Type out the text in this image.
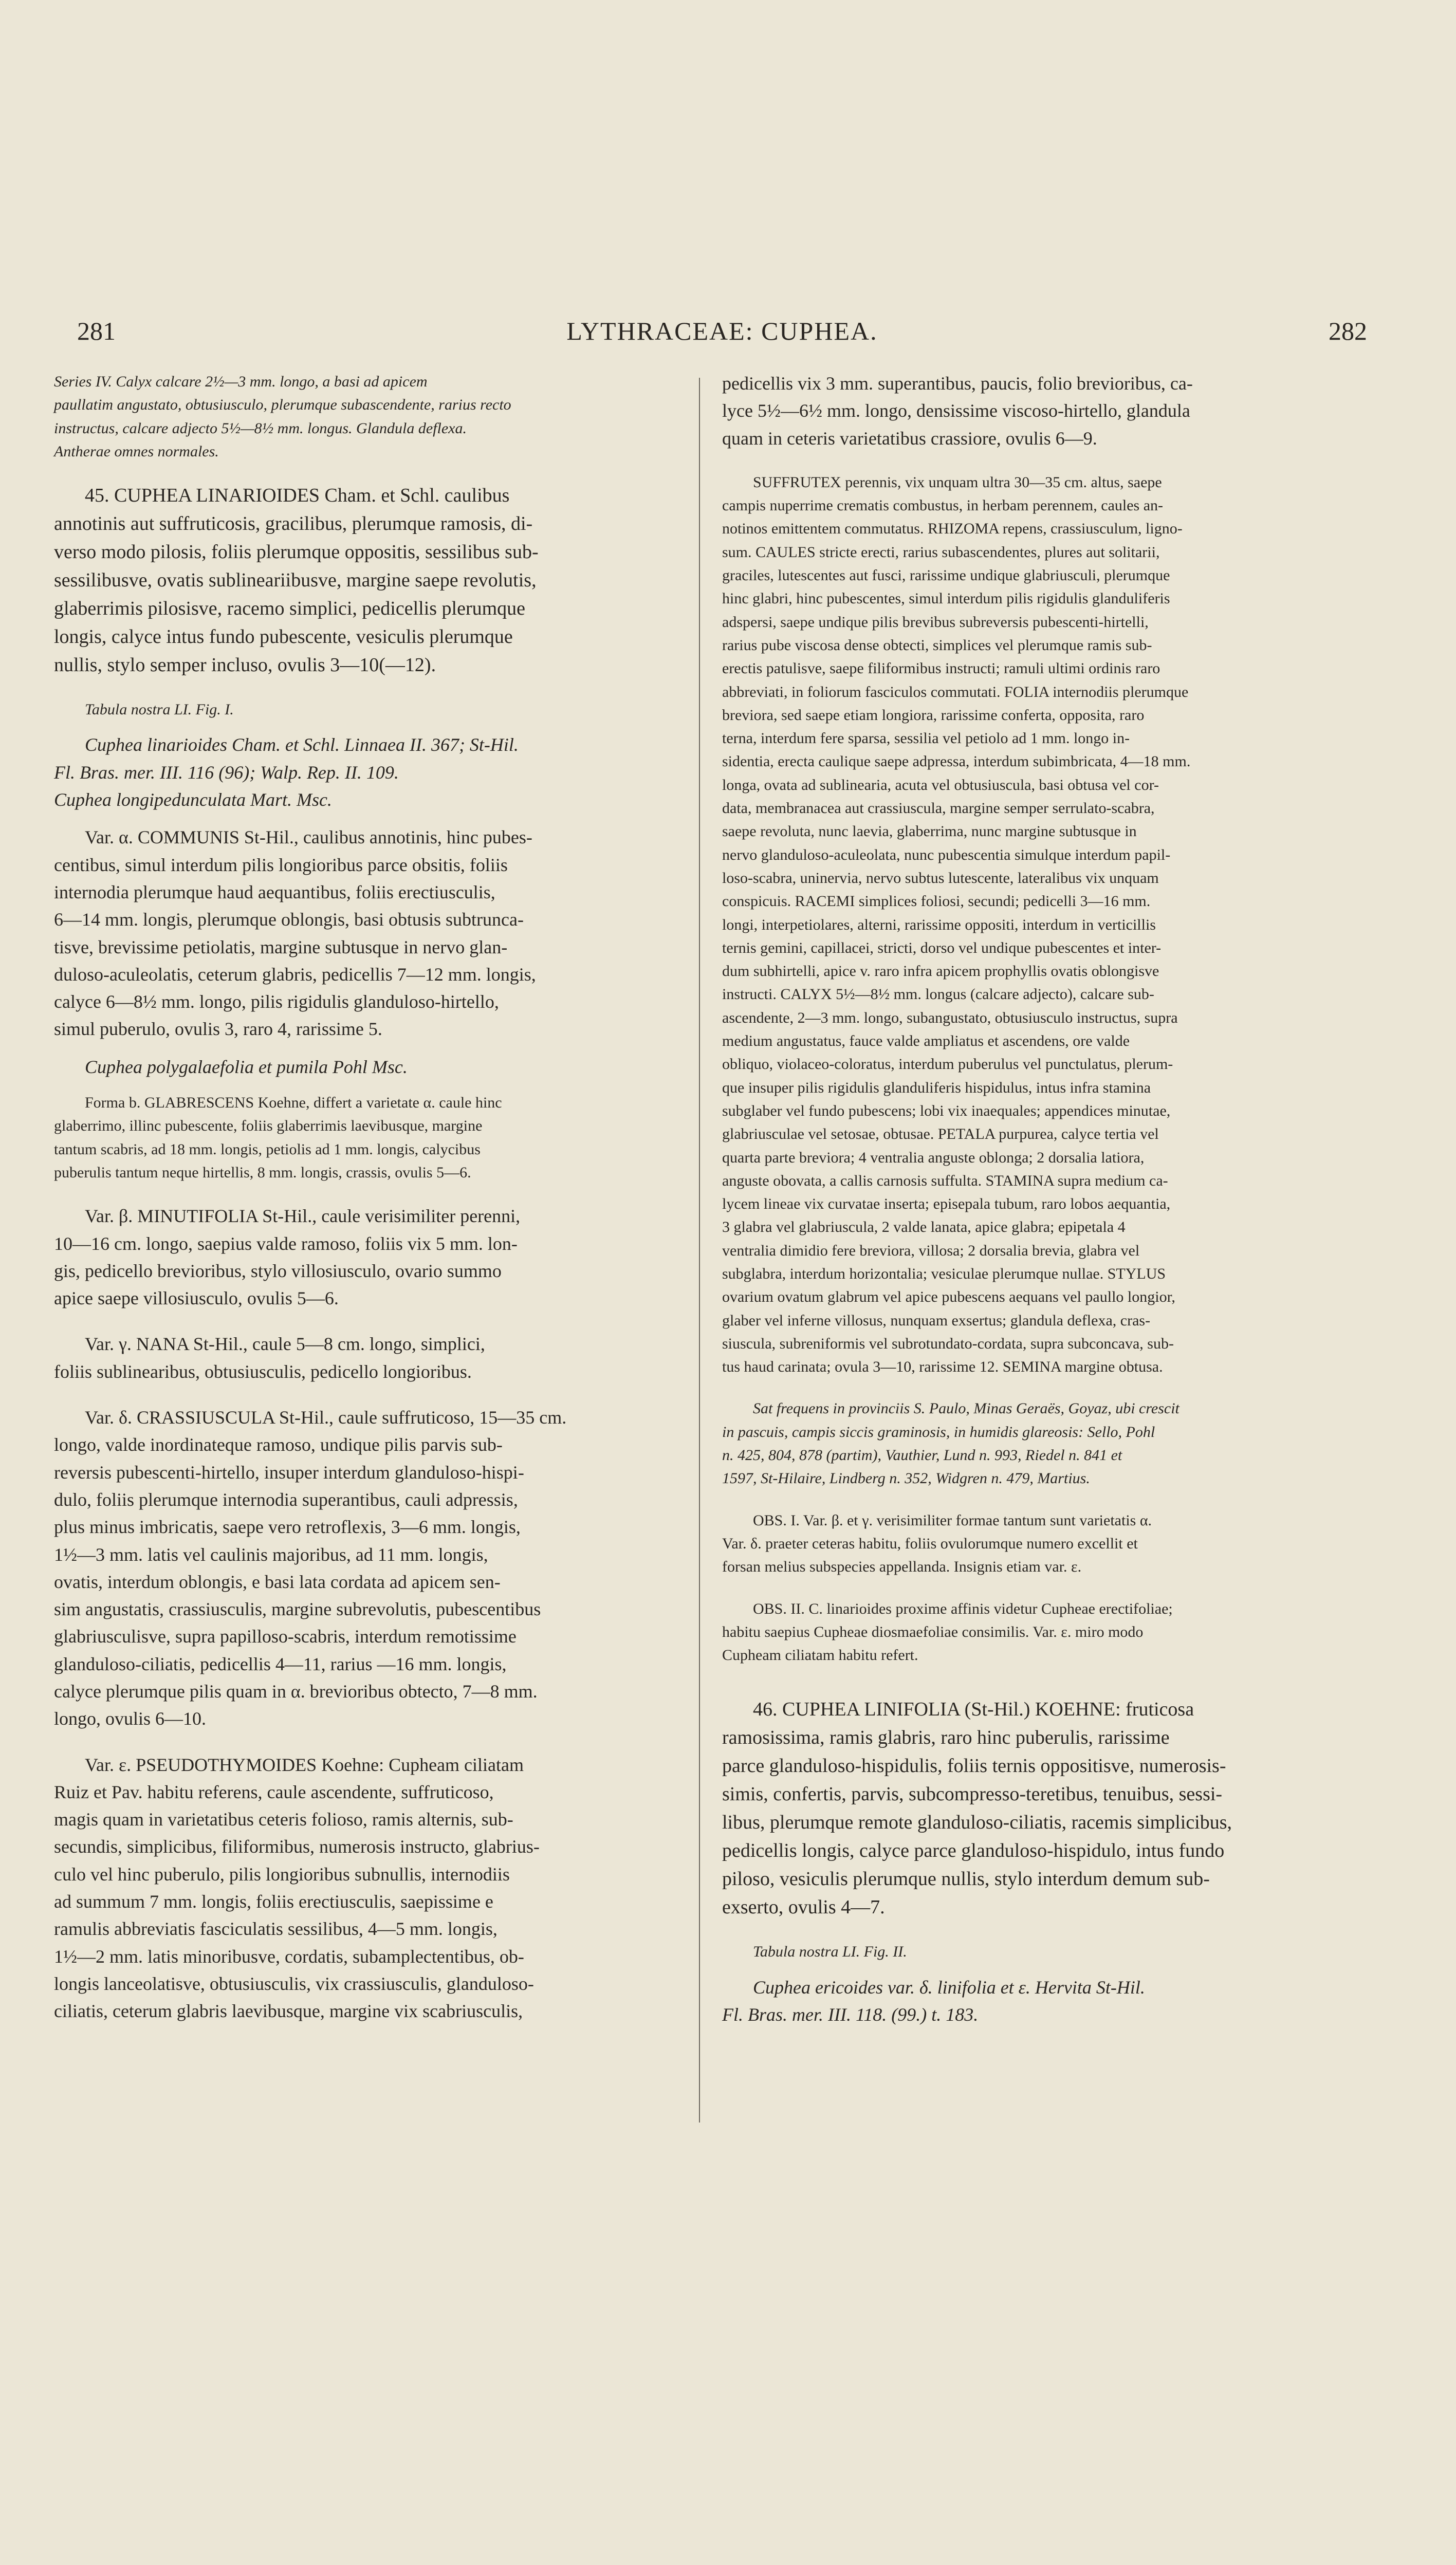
281	LYTHRACEAE: CUPHEA.	282

Series IV. Calyx calcare 2½—3 mm. longo, a basi ad apicem
paullatim angustato, obtusiusculo, plerumque subascendente, rarius recto
instructus, calcare adjecto 5½—8½ mm. longus. Glandula deflexa.
Antherae omnes normales.

45. CUPHEA LINARIOIDES Cham. et Schl. caulibus
annotinis aut suffruticosis, gracilibus, plerumque ramosis, di-
verso modo pilosis, foliis plerumque oppositis, sessilibus sub-
sessilibusve, ovatis sublineariibusve, margine saepe revolutis,
glaberrimis pilosisve, racemo simplici, pedicellis plerumque
longis, calyce intus fundo pubescente, vesiculis plerumque
nullis, stylo semper incluso, ovulis 3—10(—12).

Tabula nostra LI. Fig. I.

Cuphea linarioides Cham. et Schl. Linnaea II. 367; St-Hil.
Fl. Bras. mer. III. 116 (96); Walp. Rep. II. 109.
Cuphea longipedunculata Mart. Msc.

Var. α. COMMUNIS St-Hil., caulibus annotinis, hinc pubes-
centibus, simul interdum pilis longioribus parce obsitis, foliis
internodia plerumque haud aequantibus, foliis erectiusculis,
6—14 mm. longis, plerumque oblongis, basi obtusis subtrunca-
tisve, brevissime petiolatis, margine subtusque in nervo glan-
duloso-aculeolatis, ceterum glabris, pedicellis 7—12 mm. longis,
calyce 6—8½ mm. longo, pilis rigidulis glanduloso-hirtello,
simul puberulo, ovulis 3, raro 4, rarissime 5.

Cuphea polygalaefolia et pumila Pohl Msc.

Forma b. GLABRESCENS Koehne, differt a varietate α. caule hinc
glaberrimo, illinc pubescente, foliis glaberrimis laevibusque, margine
tantum scabris, ad 18 mm. longis, petiolis ad 1 mm. longis, calycibus
puberulis tantum neque hirtellis, 8 mm. longis, crassis, ovulis 5—6.

Var. β. MINUTIFOLIA St-Hil., caule verisimiliter perenni,
10—16 cm. longo, saepius valde ramoso, foliis vix 5 mm. lon-
gis, pedicello brevioribus, stylo villosiusculo, ovario summo
apice saepe villosiusculo, ovulis 5—6.

Var. γ. NANA St-Hil., caule 5—8 cm. longo, simplici,
foliis sublinearibus, obtusiusculis, pedicello longioribus.

Var. δ. CRASSIUSCULA St-Hil., caule suffruticoso, 15—35 cm.
longo, valde inordinateque ramoso, undique pilis parvis sub-
reversis pubescenti-hirtello, insuper interdum glanduloso-hispi-
dulo, foliis plerumque internodia superantibus, cauli adpressis,
plus minus imbricatis, saepe vero retroflexis, 3—6 mm. longis,
1½—3 mm. latis vel caulinis majoribus, ad 11 mm. longis,
ovatis, interdum oblongis, e basi lata cordata ad apicem sen-
sim angustatis, crassiusculis, margine subrevolutis, pubescentibus
glabriusculisve, supra papilloso-scabris, interdum remotissime
glanduloso-ciliatis, pedicellis 4—11, rarius —16 mm. longis,
calyce plerumque pilis quam in α. brevioribus obtecto, 7—8 mm.
longo, ovulis 6—10.

Var. ε. PSEUDOTHYMOIDES Koehne: Cupheam ciliatam
Ruiz et Pav. habitu referens, caule ascendente, suffruticoso,
magis quam in varietatibus ceteris folioso, ramis alternis, sub-
secundis, simplicibus, filiformibus, numerosis instructo, glabrius-
culo vel hinc puberulo, pilis longioribus subnullis, internodiis
ad summum 7 mm. longis, foliis erectiusculis, saepissime e
ramulis abbreviatis fasciculatis sessilibus, 4—5 mm. longis,
1½—2 mm. latis minoribusve, cordatis, subamplectentibus, ob-
longis lanceolatisve, obtusiusculis, vix crassiusculis, glanduloso-
ciliatis, ceterum glabris laevibusque, margine vix scabriusculis,

pedicellis vix 3 mm. superantibus, paucis, folio brevioribus, ca-
lyce 5½—6½ mm. longo, densissime viscoso-hirtello, glandula
quam in ceteris varietatibus crassiore, ovulis 6—9.

SUFFRUTEX perennis, vix unquam ultra 30—35 cm. altus, saepe
campis nuperrime crematis combustus, in herbam perennem, caules an-
notinos emittentem commutatus. RHIZOMA repens, crassiusculum, ligno-
sum. CAULES stricte erecti, rarius subascendentes, plures aut solitarii,
graciles, lutescentes aut fusci, rarissime undique glabriusculi, plerumque
hinc glabri, hinc pubescentes, simul interdum pilis rigidulis glanduliferis
adspersi, saepe undique pilis brevibus subreversis pubescenti-hirtelli,
rarius pube viscosa dense obtecti, simplices vel plerumque ramis sub-
erectis patulisve, saepe filiformibus instructi; ramuli ultimi ordinis raro
abbreviati, in foliorum fasciculos commutati. FOLIA internodiis plerumque
breviora, sed saepe etiam longiora, rarissime conferta, opposita, raro
terna, interdum fere sparsa, sessilia vel petiolo ad 1 mm. longo in-
sidentia, erecta caulique saepe adpressa, interdum subimbricata, 4—18 mm.
longa, ovata ad sublinearia, acuta vel obtusiuscula, basi obtusa vel cor-
data, membranacea aut crassiuscula, margine semper serrulato-scabra,
saepe revoluta, nunc laevia, glaberrima, nunc margine subtusque in
nervo glanduloso-aculeolata, nunc pubescentia simulque interdum papil-
loso-scabra, uninervia, nervo subtus lutescente, lateralibus vix unquam
conspicuis. RACEMI simplices foliosi, secundi; pedicelli 3—16 mm.
longi, interpetiolares, alterni, rarissime oppositi, interdum in verticillis
ternis gemini, capillacei, stricti, dorso vel undique pubescentes et inter-
dum subhirtelli, apice v. raro infra apicem prophyllis ovatis oblongisve
instructi. CALYX 5½—8½ mm. longus (calcare adjecto), calcare sub-
ascendente, 2—3 mm. longo, subangustato, obtusiusculo instructus, supra
medium angustatus, fauce valde ampliatus et ascendens, ore valde
obliquo, violaceo-coloratus, interdum puberulus vel punctulatus, plerum-
que insuper pilis rigidulis glanduliferis hispidulus, intus infra stamina
subglaber vel fundo pubescens; lobi vix inaequales; appendices minutae,
glabriusculae vel setosae, obtusae. PETALA purpurea, calyce tertia vel
quarta parte breviora; 4 ventralia anguste oblonga; 2 dorsalia latiora,
anguste obovata, a callis carnosis suffulta. STAMINA supra medium ca-
lycem lineae vix curvatae inserta; episepala tubum, raro lobos aequantia,
3 glabra vel glabriuscula, 2 valde lanata, apice glabra; epipetala 4
ventralia dimidio fere breviora, villosa; 2 dorsalia brevia, glabra vel
subglabra, interdum horizontalia; vesiculae plerumque nullae. STYLUS
ovarium ovatum glabrum vel apice pubescens aequans vel paullo longior,
glaber vel inferne villosus, nunquam exsertus; glandula deflexa, cras-
siuscula, subreniformis vel subrotundato-cordata, supra subconcava, sub-
tus haud carinata; ovula 3—10, rarissime 12. SEMINA margine obtusa.

Sat frequens in provinciis S. Paulo, Minas Geraës, Goyaz, ubi crescit
in pascuis, campis siccis graminosis, in humidis glareosis: Sello, Pohl
n. 425, 804, 878 (partim), Vauthier, Lund n. 993, Riedel n. 841 et
1597, St-Hilaire, Lindberg n. 352, Widgren n. 479, Martius.

OBS. I. Var. β. et γ. verisimiliter formae tantum sunt varietatis α.
Var. δ. praeter ceteras habitu, foliis ovulorumque numero excellit et
forsan melius subspecies appellanda. Insignis etiam var. ε.

OBS. II. C. linarioides proxime affinis videtur Cupheae erectifoliae;
habitu saepius Cupheae diosmaefoliae consimilis. Var. ε. miro modo
Cupheam ciliatam habitu refert.

46. CUPHEA LINIFOLIA (St-Hil.) KOEHNE: fruticosa
ramosissima, ramis glabris, raro hinc puberulis, rarissime
parce glanduloso-hispidulis, foliis ternis oppositisve, numerosis-
simis, confertis, parvis, subcompresso-teretibus, tenuibus, sessi-
libus, plerumque remote glanduloso-ciliatis, racemis simplicibus,
pedicellis longis, calyce parce glanduloso-hispidulo, intus fundo
piloso, vesiculis plerumque nullis, stylo interdum demum sub-
exserto, ovulis 4—7.

Tabula nostra LI. Fig. II.

Cuphea ericoides var. δ. linifolia et ε. Hervita St-Hil.
Fl. Bras. mer. III. 118. (99.) t. 183.
